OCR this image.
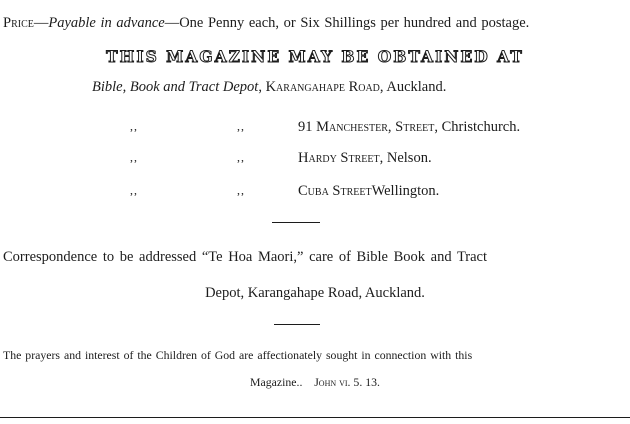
Price—Payable in advance—One Penny each, or Six Shillings per hundred and postage.
THIS MAGAZINE MAY BE OBTAINED AT
Bible, Book and Tract Depot, Karangahape Road, Auckland.
,,	,,	91 Manchester, Street, Christchurch.
,,	,,	Hardy Street, Nelson.
,,	,,	Cuba StreetWellington.
Correspondence to be addressed “Te Hoa Maori,” care of Bible Book and Tract
Depot, Karangahape Road, Auckland.
The prayers and interest of the Children of God are affectionately sought in connection with this
Magazine.. John vi. 5. 13.
